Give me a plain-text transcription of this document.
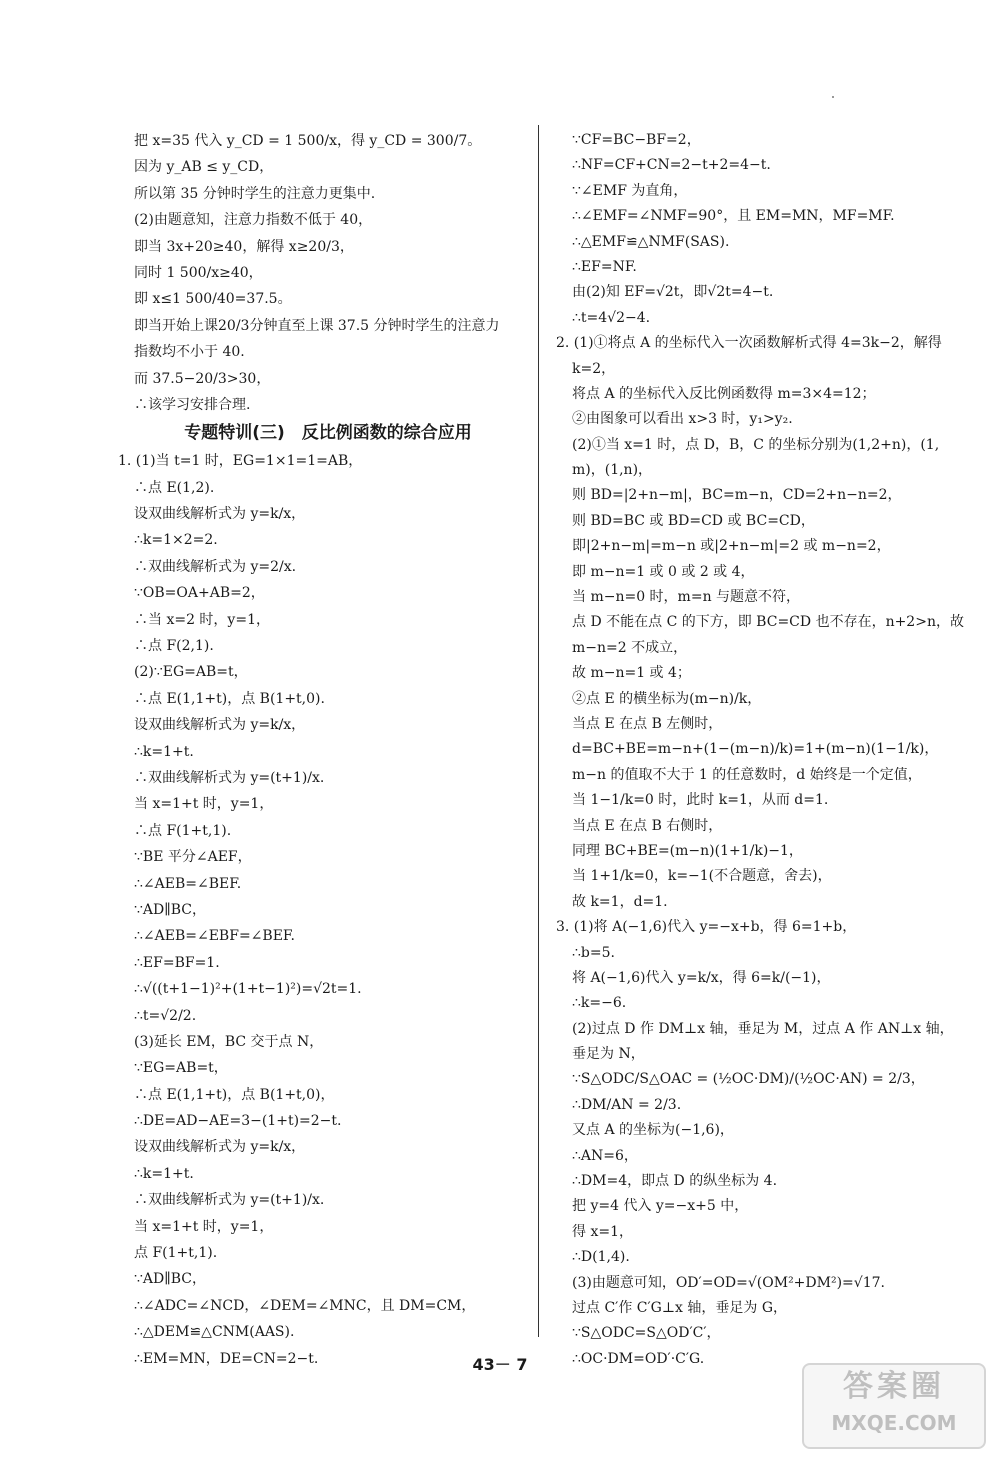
把 x=35 代入 y_CD = 1 500/x，得 y_CD = 300/7。
因为 y_AB ≤ y_CD，
所以第 35 分钟时学生的注意力更集中.
(2)由题意知，注意力指数不低于 40，
即当 3x+20≥40，解得 x≥20/3，
同时 1 500/x≥40，
即 x≤1 500/40=37.5。
即当开始上课20/3分钟直至上课 37.5 分钟时学生的注意力
指数均不小于 40.
而 37.5−20/3>30，
∴该学习安排合理.
专题特训(三)　反比例函数的综合应用
1. (1)当 t=1 时，EG=1×1=1=AB，
∴点 E(1,2).
设双曲线解析式为 y=k/x，
∴k=1×2=2.
∴双曲线解析式为 y=2/x.
∵OB=OA+AB=2，
∴当 x=2 时，y=1，
∴点 F(2,1).
(2)∵EG=AB=t，
∴点 E(1,1+t)，点 B(1+t,0).
设双曲线解析式为 y=k/x，
∴k=1+t.
∴双曲线解析式为 y=(t+1)/x.
当 x=1+t 时，y=1，
∴点 F(1+t,1).
∵BE 平分∠AEF，
∴∠AEB=∠BEF.
∵AD∥BC，
∴∠AEB=∠EBF=∠BEF.
∴EF=BF=1.
∴√((t+1−1)²+(1+t−1)²)=√2t=1.
∴t=√2/2.
(3)延长 EM，BC 交于点 N，
∵EG=AB=t，
∴点 E(1,1+t)，点 B(1+t,0)，
∴DE=AD−AE=3−(1+t)=2−t.
设双曲线解析式为 y=k/x，
∴k=1+t.
∴双曲线解析式为 y=(t+1)/x.
当 x=1+t 时，y=1，
点 F(1+t,1).
∵AD∥BC，
∴∠ADC=∠NCD，∠DEM=∠MNC，且 DM=CM，
∴△DEM≌△CNM(AAS).
∴EM=MN，DE=CN=2−t.
∵CF=BC−BF=2，
∴NF=CF+CN=2−t+2=4−t.
∵∠EMF 为直角，
∴∠EMF=∠NMF=90°，且 EM=MN，MF=MF.
∴△EMF≌△NMF(SAS).
∴EF=NF.
由(2)知 EF=√2t，即√2t=4−t.
∴t=4√2−4.
2. (1)①将点 A 的坐标代入一次函数解析式得 4=3k−2，解得
k=2，
将点 A 的坐标代入反比例函数得 m=3×4=12；
②由图象可以看出 x>3 时，y₁>y₂.
(2)①当 x=1 时，点 D，B，C 的坐标分别为(1,2+n)，(1,
m)，(1,n)，
则 BD=|2+n−m|，BC=m−n，CD=2+n−n=2，
则 BD=BC 或 BD=CD 或 BC=CD，
即|2+n−m|=m−n 或|2+n−m|=2 或 m−n=2，
即 m−n=1 或 0 或 2 或 4，
当 m−n=0 时，m=n 与题意不符，
点 D 不能在点 C 的下方，即 BC=CD 也不存在，n+2>n，故
m−n=2 不成立，
故 m−n=1 或 4；
②点 E 的横坐标为(m−n)/k，
当点 E 在点 B 左侧时，
d=BC+BE=m−n+(1−(m−n)/k)=1+(m−n)(1−1/k)，
m−n 的值取不大于 1 的任意数时，d 始终是一个定值，
当 1−1/k=0 时，此时 k=1，从而 d=1.
当点 E 在点 B 右侧时，
同理 BC+BE=(m−n)(1+1/k)−1，
当 1+1/k=0，k=−1(不合题意，舍去)，
故 k=1，d=1.
3. (1)将 A(−1,6)代入 y=−x+b，得 6=1+b，
∴b=5.
将 A(−1,6)代入 y=k/x，得 6=k/(−1)，
∴k=−6.
(2)过点 D 作 DM⊥x 轴，垂足为 M，过点 A 作 AN⊥x 轴，
垂足为 N，
∵S△ODC/S△OAC = (½OC·DM)/(½OC·AN) = 2/3，
∴DM/AN = 2/3.
又点 A 的坐标为(−1,6)，
∴AN=6，
∴DM=4，即点 D 的纵坐标为 4.
把 y=4 代入 y=−x+5 中，
得 x=1，
∴D(1,4).
(3)由题意可知，OD′=OD=√(OM²+DM²)=√17.
过点 C′作 C′G⊥x 轴，垂足为 G，
∵S△ODC=S△OD′C′，
∴OC·DM=OD′·C′G.
43－ 7
答案圈
MXQE.COM
